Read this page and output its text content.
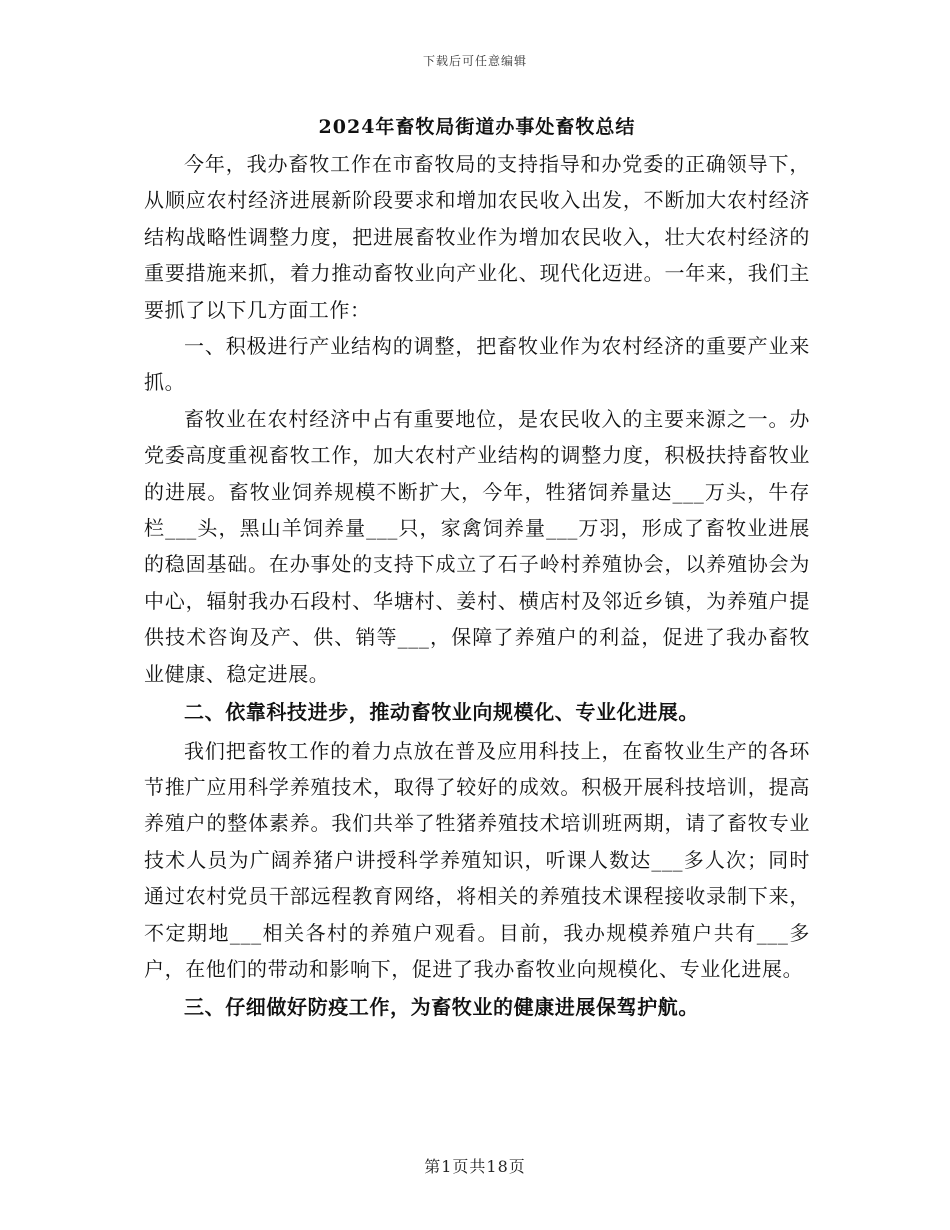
下载后可任意编辑
2024年畜牧局街道办事处畜牧总结

今年，我办畜牧工作在市畜牧局的支持指导和办党委的正确领导下，从顺应农村经济进展新阶段要求和增加农民收入出发，不断加大农村经济结构战略性调整力度，把进展畜牧业作为增加农民收入，壮大农村经济的重要措施来抓，着力推动畜牧业向产业化、现代化迈进。一年来，我们主要抓了以下几方面工作：

一、积极进行产业结构的调整，把畜牧业作为农村经济的重要产业来抓。

畜牧业在农村经济中占有重要地位，是农民收入的主要来源之一。办党委高度重视畜牧工作，加大农村产业结构的调整力度，积极扶持畜牧业的进展。畜牧业饲养规模不断扩大，今年，牲猪饲养量达___万头，牛存栏___头，黑山羊饲养量___只，家禽饲养量___万羽，形成了畜牧业进展的稳固基础。在办事处的支持下成立了石子岭村养殖协会，以养殖协会为中心，辐射我办石段村、华塘村、姜村、横店村及邻近乡镇，为养殖户提供技术咨询及产、供、销等___，保障了养殖户的利益，促进了我办畜牧业健康、稳定进展。

二、依靠科技进步，推动畜牧业向规模化、专业化进展。

我们把畜牧工作的着力点放在普及应用科技上，在畜牧业生产的各环节推广应用科学养殖技术，取得了较好的成效。积极开展科技培训，提高养殖户的整体素养。我们共举了牲猪养殖技术培训班两期，请了畜牧专业技术人员为广阔养猪户讲授科学养殖知识，听课人数达___多人次；同时通过农村党员干部远程教育网络，将相关的养殖技术课程接收录制下来，不定期地___相关各村的养殖户观看。目前，我办规模养殖户共有___多户，在他们的带动和影响下，促进了我办畜牧业向规模化、专业化进展。

三、仔细做好防疫工作，为畜牧业的健康进展保驾护航。

第1页共18页
